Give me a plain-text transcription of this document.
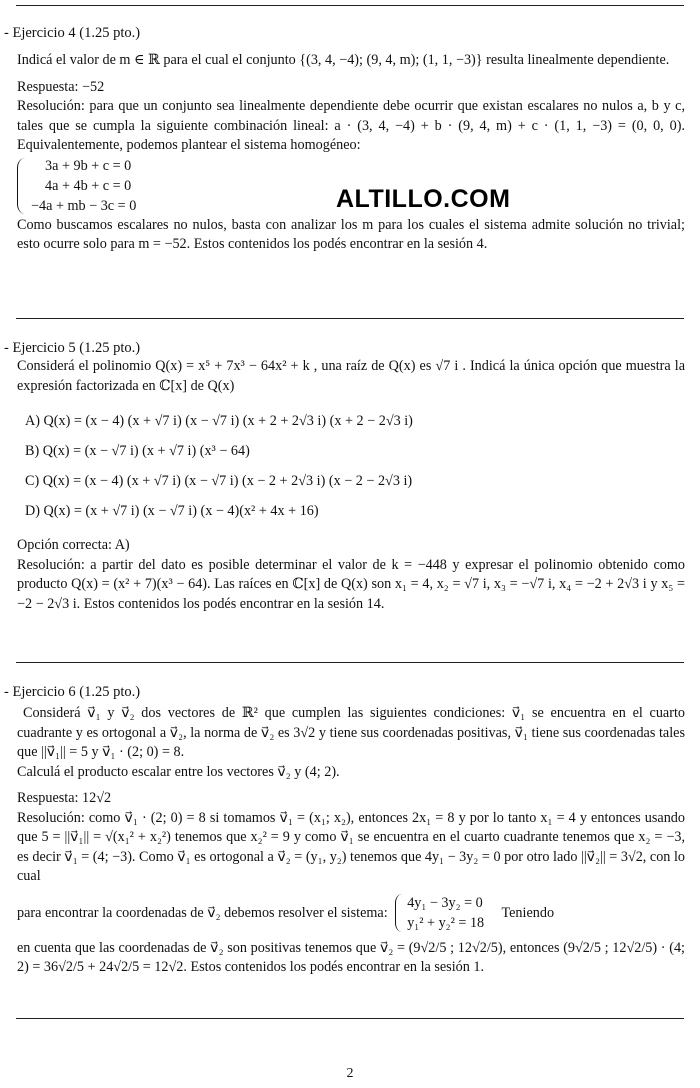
- Ejercicio 4 (1.25 pto.)

Indicá el valor de m ∈ ℝ para el cual el conjunto {(3, 4, −4); (9, 4, m); (1, 1, −3)} resulta linealmente dependiente.

Respuesta: −52

Resolución: para que un conjunto sea linealmente dependiente debe ocurrir que existan escalares no nulos a, b y c, tales que se cumpla la siguiente combinación lineal: a · (3, 4, −4) + b · (9, 4, m) + c · (1, 1, −3) = (0, 0, 0). Equivalentemente, podemos plantear el sistema homogéneo:

3a + 9b + c = 0

4a + 4b + c = 0

−4a + mb − 3c = 0

Como buscamos escalares no nulos, basta con analizar los m para los cuales el sistema admite solución no trivial; esto ocurre solo para m = −52. Estos contenidos los podés encontrar en la sesión 4.

ALTILLO.COM
- Ejercicio 5 (1.25 pto.)

Considerá el polinomio Q(x) = x⁵ + 7x³ − 64x² + k , una raíz de Q(x) es √7 i . Indicá la única opción que muestra la expresión factorizada en ℂ[x] de Q(x)

A) Q(x) = (x − 4) (x + √7 i) (x − √7 i) (x + 2 + 2√3 i) (x + 2 − 2√3 i)

B) Q(x) = (x − √7 i) (x + √7 i) (x³ − 64)

C) Q(x) = (x − 4) (x + √7 i) (x − √7 i) (x − 2 + 2√3 i) (x − 2 − 2√3 i)

D) Q(x) = (x + √7 i) (x − √7 i) (x − 4)(x² + 4x + 16)

Opción correcta: A)

Resolución: a partir del dato es posible determinar el valor de k = −448 y expresar el polinomio obtenido como producto Q(x) = (x² + 7)(x³ − 64). Las raíces en ℂ[x] de Q(x) son x₁ = 4, x₂ = √7 i, x₃ = −√7 i, x₄ = −2 + 2√3 i y x₅ = −2 − 2√3 i. Estos contenidos los podés encontrar en la sesión 14.

- Ejercicio 6 (1.25 pto.)

Considerá v⃗₁ y v⃗₂ dos vectores de ℝ² que cumplen las siguientes condiciones: v⃗₁ se encuentra en el cuarto cuadrante y es ortogonal a v⃗₂, la norma de v⃗₂ es 3√2 y tiene sus coordenadas positivas, v⃗₁ tiene sus coordenadas tales que ||v⃗₁|| = 5 y v⃗₁ · (2; 0) = 8.

Calculá el producto escalar entre los vectores v⃗₂ y (4; 2).

Respuesta: 12√2

Resolución: como v⃗₁ · (2; 0) = 8 si tomamos v⃗₁ = (x₁; x₂), entonces 2x₁ = 8 y por lo tanto x₁ = 4 y entonces usando que 5 = ||v⃗₁|| = √(x₁² + x₂²) tenemos que x₂² = 9 y como v⃗₁ se encuentra en el cuarto cuadrante tenemos que x₂ = −3, es decir v⃗₁ = (4; −3). Como v⃗₁ es ortogonal a v⃗₂ = (y₁, y₂) tenemos que 4y₁ − 3y₂ = 0 por otro lado ||v⃗₂|| = 3√2, con lo cual

para encontrar la coordenadas de v⃗₂ debemos resolver el sistema:
4y₁ − 3y₂ = 0
y₁² + y₂² = 18
Teniendo

en cuenta que las coordenadas de v⃗₂ son positivas tenemos que v⃗₂ = (9√2/5 ; 12√2/5), entonces (9√2/5 ; 12√2/5) · (4; 2) = 36√2/5 + 24√2/5 = 12√2. Estos contenidos los podés encontrar en la sesión 1.

2
